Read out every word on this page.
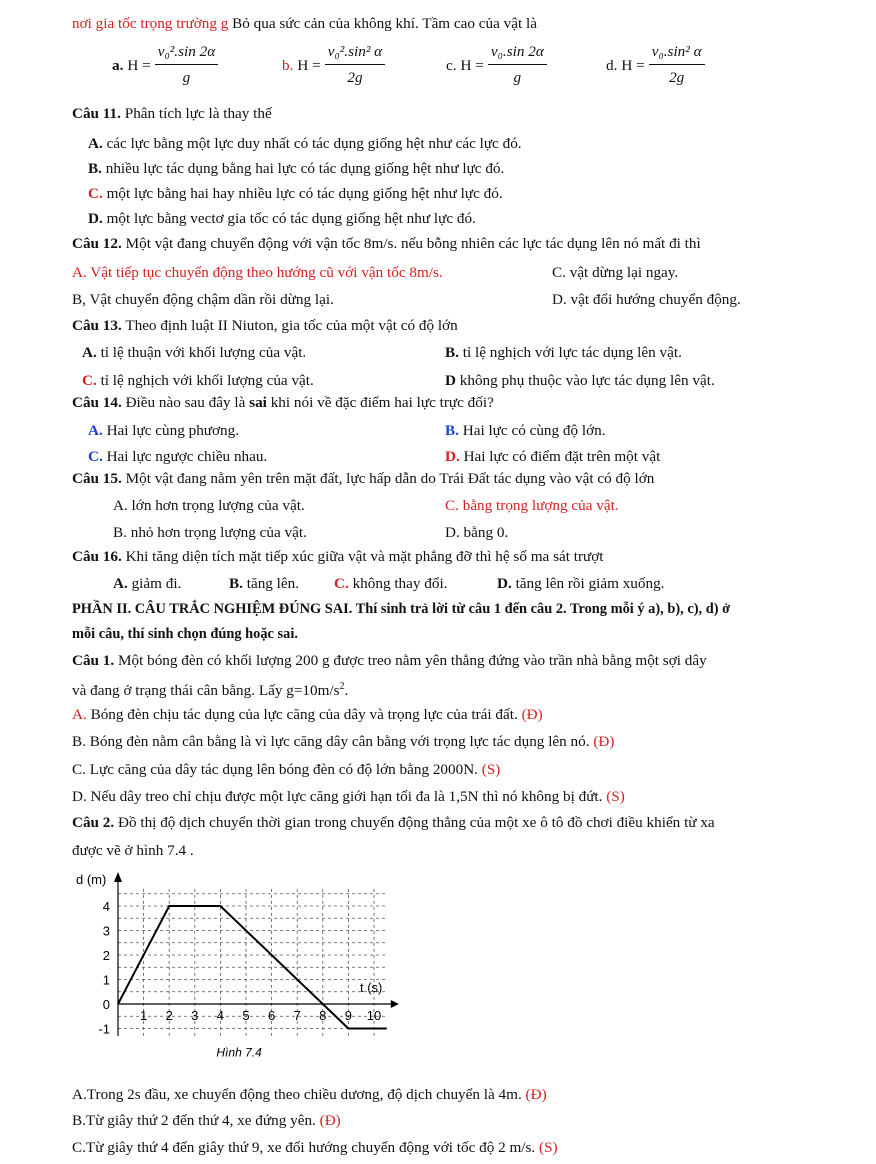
nơi gia tốc trọng trường g Bỏ qua sức cản của không khí. Tầm cao của vật là
a. $H = \frac{\text{v₀².sin 2α}}{g}$	b. $H = \frac{\text{v₀².sin² α}}{2g}$	c. $H = \frac{\text{v₀.sin 2α}}{g}$	d. $H = \frac{\text{v₀.sin² α}}{2g}$
Câu 11. Phân tích lực là thay thế
A. các lực bằng một lực duy nhất có tác dụng giống hệt như các lực đó.
B. nhiều lực tác dụng bằng hai lực có tác dụng giống hệt như lực đó.
C. một lực bằng hai hay nhiều lực có tác dụng giống hệt như lực đó.
D. một lực bằng vectơ gia tốc có tác dụng giống hệt như lực đó.
Câu 12. Một vật đang chuyển động với vận tốc 8m/s. nếu bỗng nhiên các lực tác dụng lên nó mất đi thì
A. Vật tiếp tục chuyển động theo hướng cũ với vận tốc 8m/s.	C. vật dừng lại ngay.
B, Vật chuyển động chậm dần rồi dừng lại.	D. vật đổi hướng chuyển động.
Câu 13. Theo định luật II Niuton, gia tốc của một vật có độ lớn
A. tỉ lệ thuận với khối lượng của vật.	B. tỉ lệ nghịch với lực tác dụng lên vật.
C. tỉ lệ nghịch với khối lượng của vật.	D không phụ thuộc vào lực tác dụng lên vật.
Câu 14. Điều nào sau đây là sai khi nói về đặc điểm hai lực trực đối?
A. Hai lực cùng phương.	B. Hai lực có cùng độ lớn.
C. Hai lực ngược chiều nhau.	D. Hai lực có điểm đặt trên một vật
Câu 15. Một vật đang nằm yên trên mặt đất, lực hấp dẫn do Trái Đất tác dụng vào vật có độ lớn
A. lớn hơn trọng lượng của vật.	C. bằng trọng lượng của vật.
B. nhỏ hơn trọng lượng của vật.	D. bằng 0.
Câu 16. Khi tăng diện tích mặt tiếp xúc giữa vật và mặt phẳng đỡ thì hệ số ma sát trượt
A. giảm đi.	B. tăng lên. C. không thay đổi.	D. tăng lên rồi giảm xuống.
PHẦN II. CÂU TRẮC NGHIỆM ĐÚNG SAI. Thí sinh trả lời từ câu 1 đến câu 2. Trong mỗi ý a), b), c), d) ở
mỗi câu, thí sinh chọn đúng hoặc sai.
Câu 1. Một bóng đèn có khối lượng 200 g được treo nằm yên thẳng đứng vào trần nhà bằng một sợi dây
và đang ở trạng thái cân bằng. Lấy $g=10m/s^2$.
A. Bóng đèn chịu tác dụng của lực căng của dây và trọng lực của trái đất. (Đ)
B. Bóng đèn nằm cân bằng là vì lực căng dây cân bằng với trọng lực tác dụng lên nó. (Đ)
C. Lực căng của dây tác dụng lên bóng đèn có độ lớn bằng 2000N. (S)
D. Nếu dây treo chỉ chịu được một lực căng giới hạn tối đa là 1,5N thì nó không bị đứt. (S)
Câu 2. Đồ thị độ dịch chuyển thời gian trong chuyển động thẳng của một xe ô tô đồ chơi điều khiển từ xa
được vẽ ở hình 7.4 .
1 2 3 4 5 6 7 8 9 10
4
3
2
1
0
-1
d (m)
t (s)
Hình 7.4
A.Trong 2s đầu, xe chuyển động theo chiều dương, độ dịch chuyển là 4m. (Đ)
B.Từ giây thứ 2 đến thứ 4, xe đứng yên. (Đ)
C.Từ giây thứ 4 đến giây thứ 9, xe đổi hướng chuyển động với tốc độ 2 m/s. (S)
